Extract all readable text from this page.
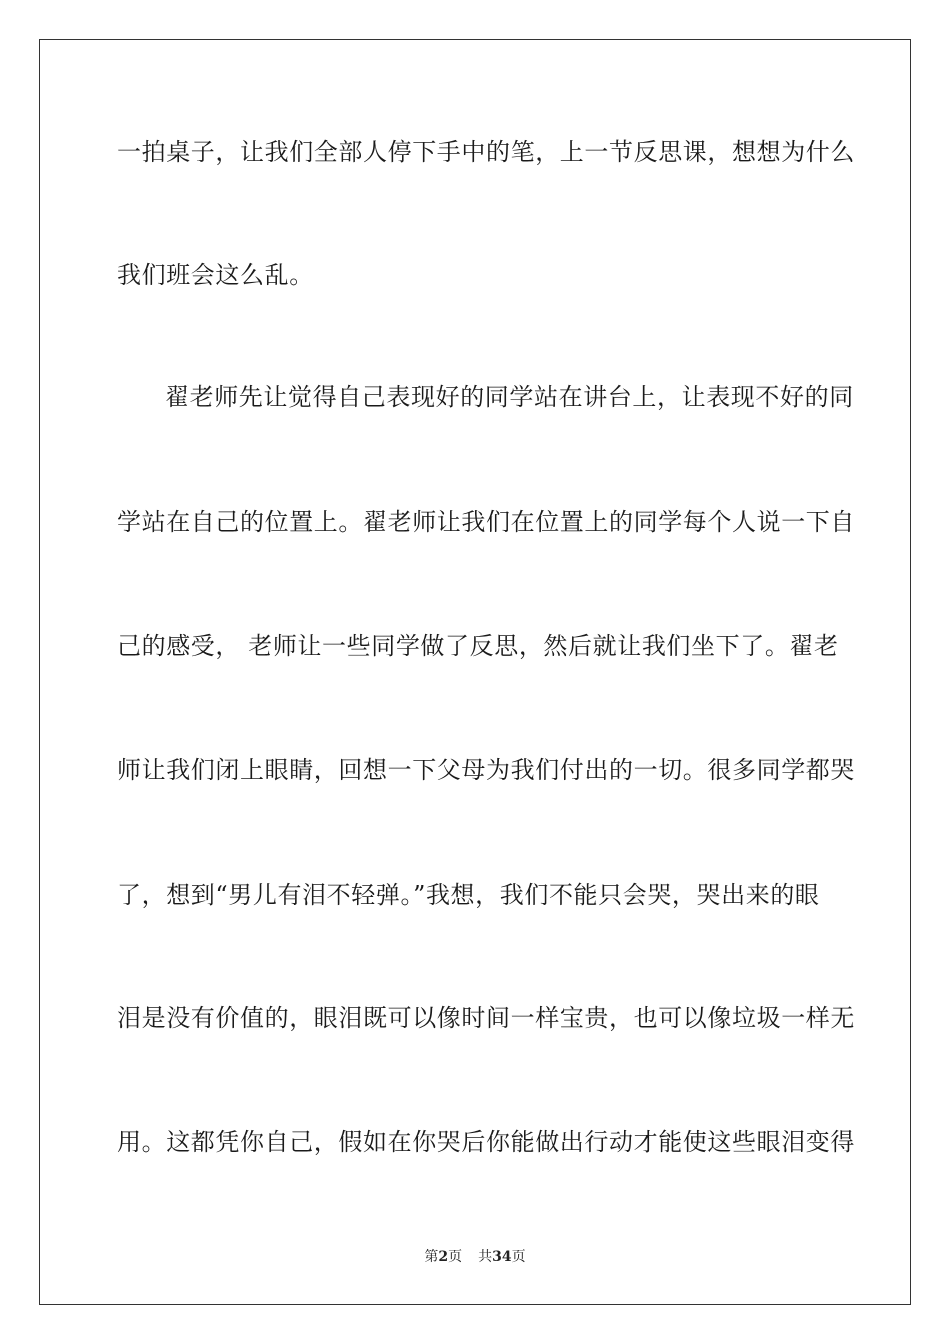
一拍桌子，让我们全部人停下手中的笔，上一节反思课，想想为什么
我们班会这么乱。
翟老师先让觉得自己表现好的同学站在讲台上，让表现不好的同
学站在自己的位置上。翟老师让我们在位置上的同学每个人说一下自
己的感受， 老师让一些同学做了反思，然后就让我们坐下了。翟老
师让我们闭上眼睛，回想一下父母为我们付出的一切。很多同学都哭
了，想到“男儿有泪不轻弹。”我想，我们不能只会哭，哭出来的眼
泪是没有价值的，眼泪既可以像时间一样宝贵，也可以像垃圾一样无
用。这都凭你自己，假如在你哭后你能做出行动才能使这些眼泪变得
第2页 共34页
